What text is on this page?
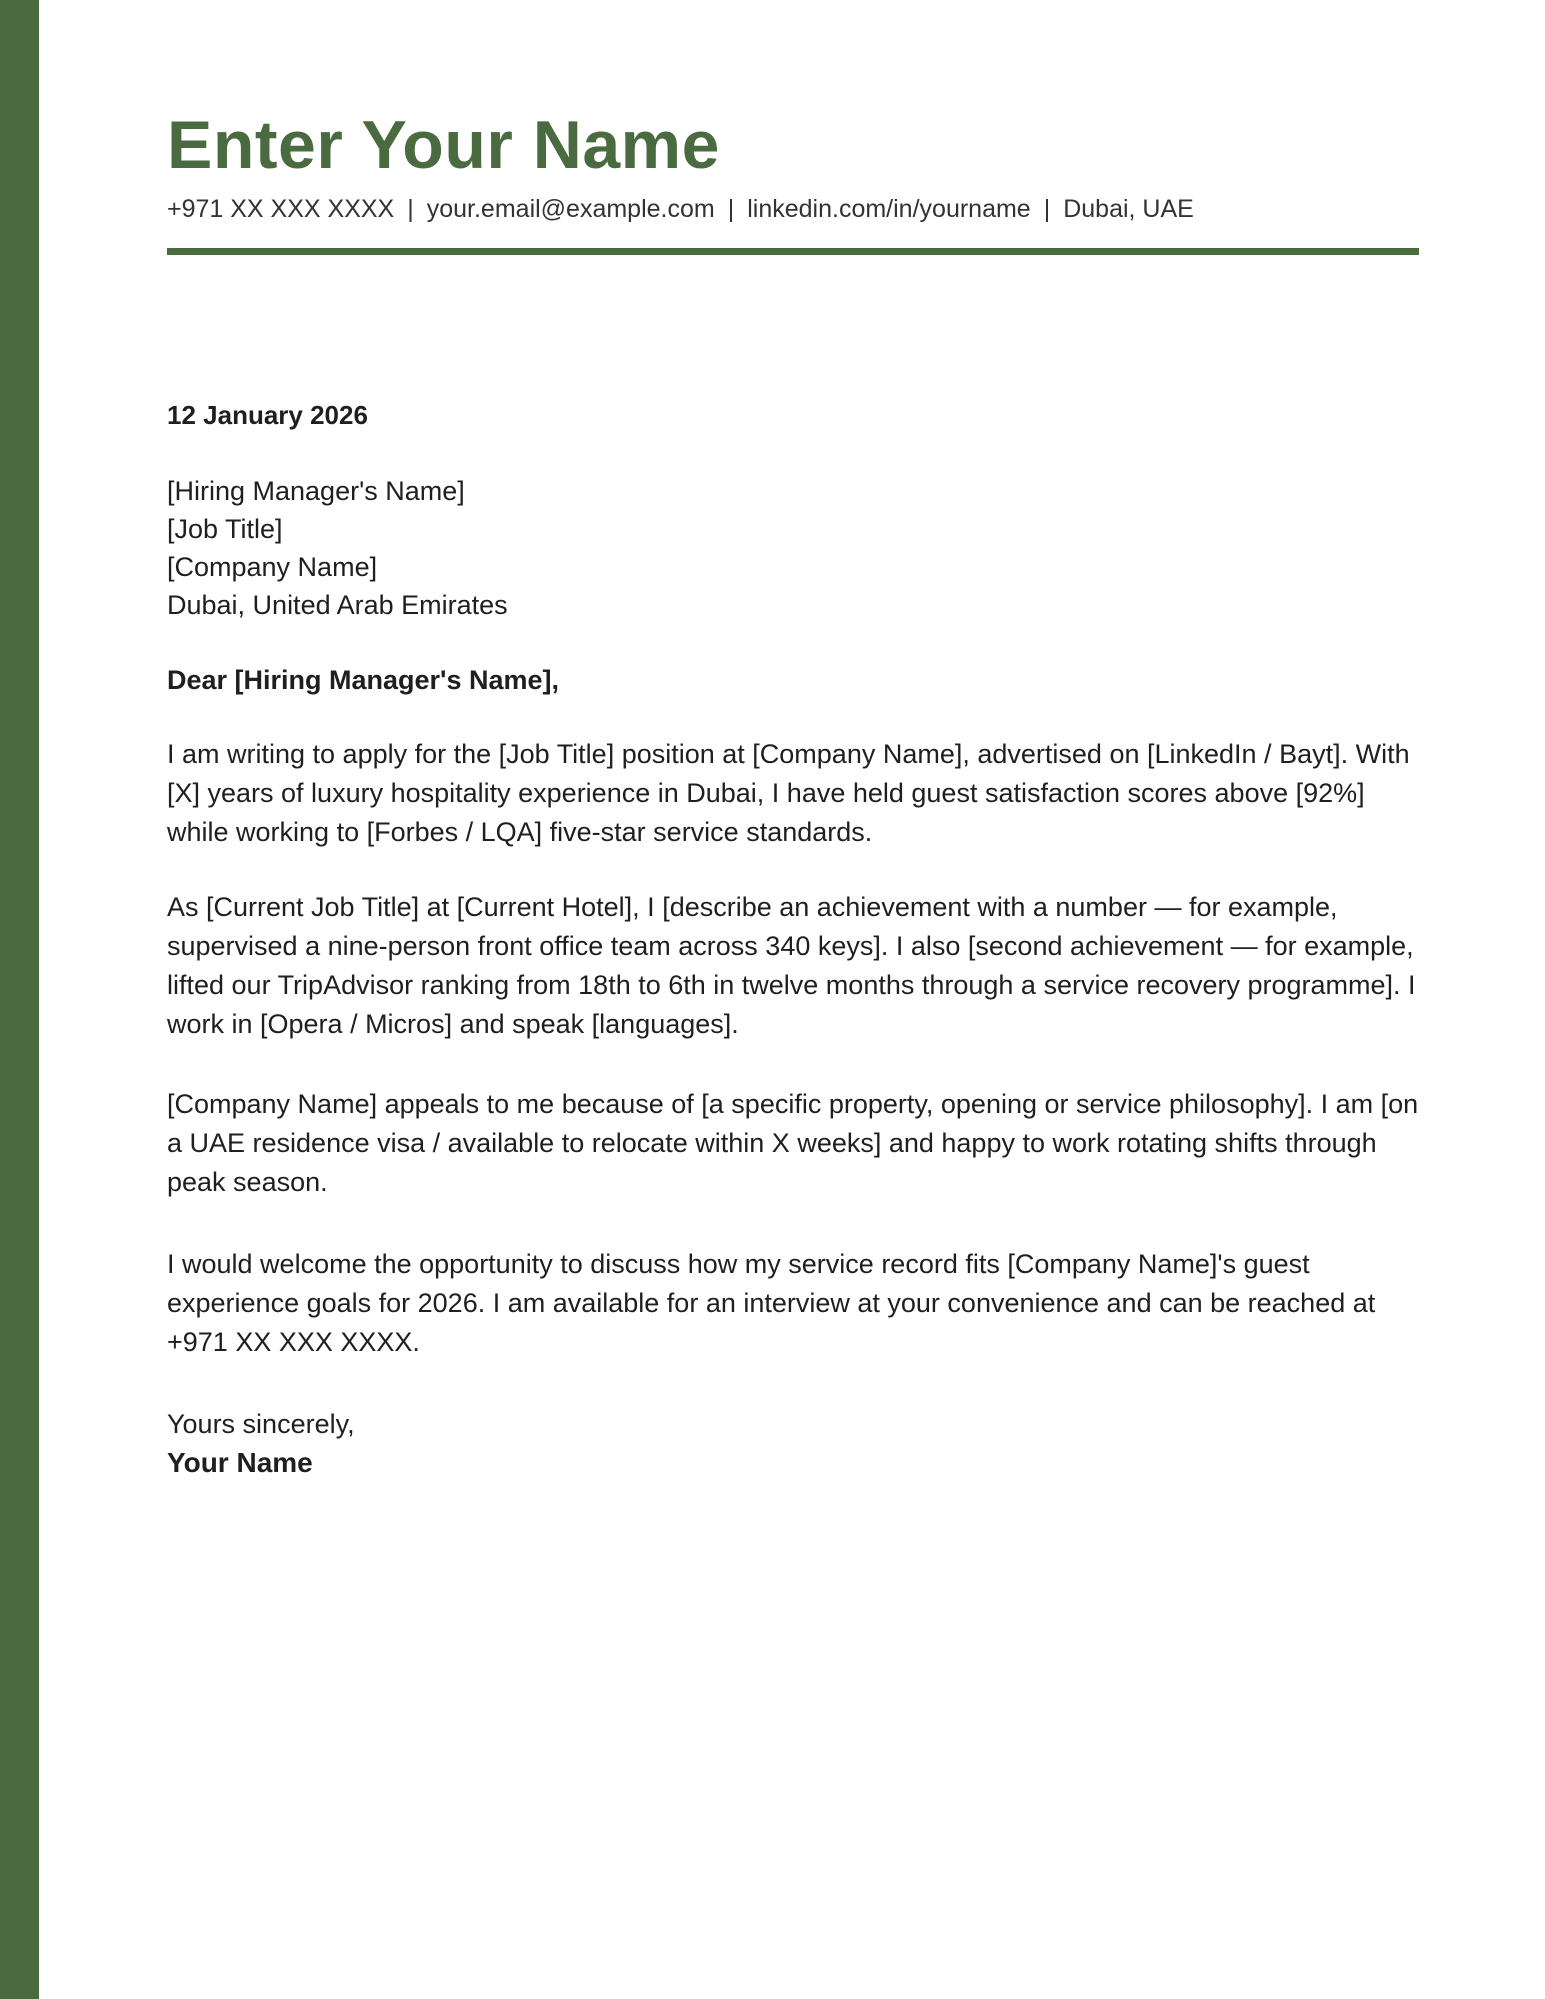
Enter Your Name
+971 XX XXX XXXX | your.email@example.com | linkedin.com/in/yourname | Dubai, UAE
12 January 2026
[Hiring Manager's Name]
[Job Title]
[Company Name]
Dubai, United Arab Emirates
Dear [Hiring Manager's Name],

I am writing to apply for the [Job Title] position at [Company Name], advertised on [LinkedIn / Bayt]. With [X] years of luxury hospitality experience in Dubai, I have held guest satisfaction scores above [92%] while working to [Forbes / LQA] five-star service standards.

As [Current Job Title] at [Current Hotel], I [describe an achievement with a number — for example, supervised a nine-person front office team across 340 keys]. I also [second achievement — for example, lifted our TripAdvisor ranking from 18th to 6th in twelve months through a service recovery programme]. I work in [Opera / Micros] and speak [languages].

[Company Name] appeals to me because of [a specific property, opening or service philosophy]. I am [on a UAE residence visa / available to relocate within X weeks] and happy to work rotating shifts through peak season.

I would welcome the opportunity to discuss how my service record fits [Company Name]'s guest experience goals for 2026. I am available for an interview at your convenience and can be reached at +971 XX XXX XXXX.

Yours sincerely,
Your Name
